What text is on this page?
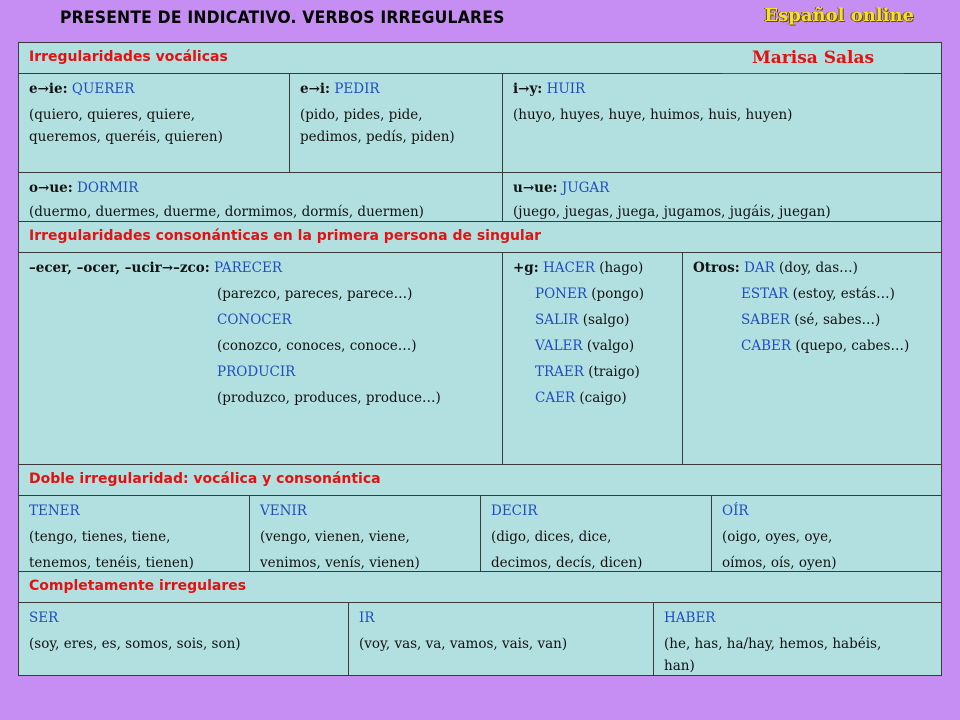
PRESENTE DE INDICATIVO. VERBOS IRREGULARES	Español online
Irregularidades vocálicas
e→ie: QUERER
(quiero, quieres, quiere,
queremos, queréis, quieren)
e→i: PEDIR
(pido, pides, pide,
pedimos, pedís, piden)
i→y: HUIR
(huyo, huyes, huye, huimos, huis, huyen)
o→ue: DORMIR
(duermo, duermes, duerme, dormimos, dormís, duermen)
u→ue: JUGAR
(juego, juegas, juega, jugamos, jugáis, juegan)
Irregularidades consonánticas en la primera persona de singular

–ecer, –ocer, –ucir→–zco: PARECER

(parezco, pareces, parece…)

CONOCER

(conozco, conoces, conoce…)

PRODUCIR

(produzco, produces, produce…)

+g: HACER (hago)

PONER (pongo)

SALIR (salgo)

VALER (valgo)

TRAER (traigo)

CAER (caigo)

Otros: DAR (doy, das…)

ESTAR (estoy, estás…)

SABER (sé, sabes…)

CABER (quepo, cabes…)

Doble irregularidad: vocálica y consonántica
TENER
(tengo, tienes, tiene,
tenemos, tenéis, tienen)
VENIR
(vengo, vienen, viene,
venimos, venís, vienen)
DECIR
(digo, dices, dice,
decimos, decís, dicen)
OÍR
(oigo, oyes, oye,
oímos, oís, oyen)
Completamente irregulares
SER
(soy, eres, es, somos, sois, son)
IR
(voy, vas, va, vamos, vais, van)
HABER
(he, has, ha/hay, hemos, habéis,
han)
Marisa Salas
